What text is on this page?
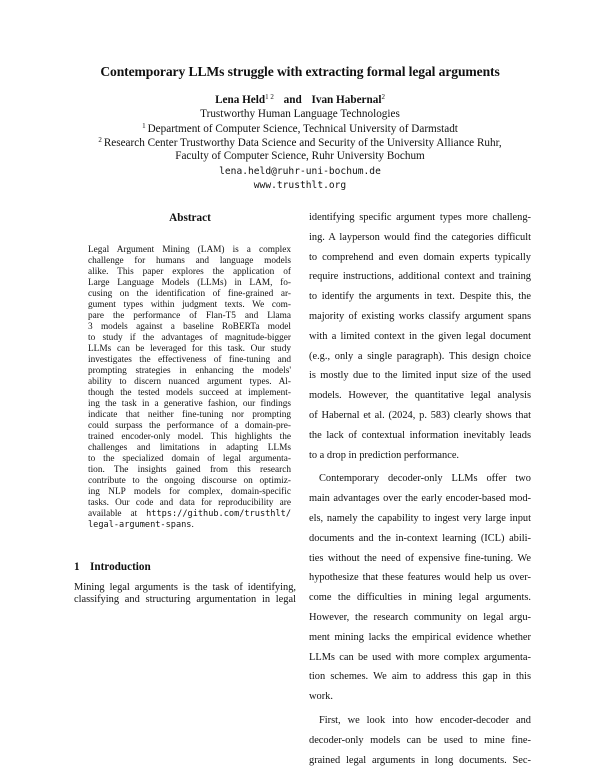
Contemporary LLMs struggle with extracting formal legal arguments
Lena Held$^{1 2}$ and Ivan Habernal$^2$
Trustworthy Human Language Technologies
$^1$ Department of Computer Science, Technical University of Darmstadt
$^2$ Research Center Trustworthy Data Science and Security of the University Alliance Ruhr,
Faculty of Computer Science, Ruhr University Bochum
lena.held@ruhr-uni-bochum.de
www.trusthlt.org
Abstract
available at https://github.com/trusthlt/
legal-argument-spans.
Legal Argument Mining (LAM) is a complex
challenge for humans and language models
alike. This paper explores the application of
Large Language Models (LLMs) in LAM, fo-
cusing on the identification of fine-grained ar-
gument types within judgment texts. We com-
pare the performance of Flan-T5 and Llama
3 models against a baseline RoBERTa model
to study if the advantages of magnitude-bigger
LLMs can be leveraged for this task. Our study
investigates the effectiveness of fine-tuning and
prompting strategies in enhancing the models'
ability to discern nuanced argument types. Al-
though the tested models succeed at implement-
ing the task in a generative fashion, our findings
indicate that neither fine-tuning nor prompting
could surpass the performance of a domain-pre-
trained encoder-only model. This highlights the
challenges and limitations in adapting LLMs
to the specialized domain of legal argumenta-
tion. The insights gained from this research
contribute to the ongoing discourse on optimiz-
ing NLP models for complex, domain-specific
tasks. Our code and data for reproducibility are
1 Introduction
Mining legal arguments is the task of identifying,
classifying and structuring argumentation in legal
identifying specific argument types more challeng-
ing. A layperson would find the categories difficult
to comprehend and even domain experts typically
require instructions, additional context and training
to identify the arguments in text. Despite this, the
majority of existing works classify argument spans
with a limited context in the given legal document
(e.g., only a single paragraph). This design choice
is mostly due to the limited input size of the used
models. However, the quantitative legal analysis
of Habernal et al. (2024, p. 583) clearly shows that
the lack of contextual information inevitably leads
to a drop in prediction performance.
Contemporary decoder-only LLMs offer two
main advantages over the early encoder-based mod-
els, namely the capability to ingest very large input
documents and the in-context learning (ICL) abili-
ties without the need of expensive fine-tuning. We
hypothesize that these features would help us over-
come the difficulties in mining legal arguments.
However, the research community on legal argu-
ment mining lacks the empirical evidence whether
LLMs can be used with more complex argumenta-
tion schemes. We aim to address this gap in this
work.
First, we look into how encoder-decoder and
decoder-only models can be used to mine fine-
grained legal arguments in long documents. Sec-
